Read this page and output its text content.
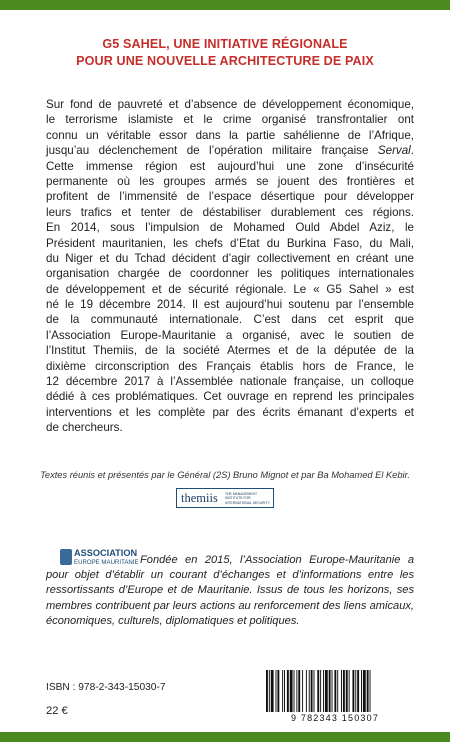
G5 SAHEL, UNE INITIATIVE RÉGIONALE
POUR UNE NOUVELLE ARCHITECTURE DE PAIX
Sur fond de pauvreté et d’absence de développement économique,
le terrorisme islamiste et le crime organisé transfrontalier ont
connu un véritable essor dans la partie sahélienne de l’Afrique,
jusqu’au déclenchement de l’opération militaire française Serval.
Cette immense région est aujourd’hui une zone d’insécurité
permanente où les groupes armés se jouent des frontières et
profitent de l’immensité de l’espace désertique pour développer
leurs trafics et tenter de déstabiliser durablement ces régions.
En 2014, sous l’impulsion de Mohamed Ould Abdel Aziz, le
Président mauritanien, les chefs d’Etat du Burkina Faso, du Mali,
du Niger et du Tchad décident d’agir collectivement en créant une
organisation chargée de coordonner les politiques internationales
de développement et de sécurité régionale. Le « G5 Sahel » est
né le 19 décembre 2014. Il est aujourd’hui soutenu par l’ensemble
de la communauté internationale. C’est dans cet esprit que
l’Association Europe-Mauritanie a organisé, avec le soutien de
l’Institut Themiis, de la société Atermes et de la députée de la
dixième circonscription des Français établis hors de France, le
12 décembre 2017 à l’Assemblée nationale française, un colloque
dédié à ces problématiques. Cet ouvrage en reprend les principales
interventions et les complète par des écrits émanant d’experts et
de chercheurs.
Textes réunis et présentés par le Général (2S) Bruno Mignot et par Ba Mohamed El Kebir.
themiis THE MANAGEMENT INSTITUTE FOR INTERNATIONAL SECURITY
Fondée en 2015, l’Association Europe-Mauritanie a
pour objet d’établir un courant d’échanges et d’informations entre les
ressortissants d’Europe et de Mauritanie. Issus de tous les horizons, ses
membres contribuent par leurs actions au renforcement des liens amicaux,
économiques, culturels, diplomatiques et politiques.
ASSOCIATION
EUROPE MAURITANIE
ISBN : 978-2-343-15030-7
22 €
9 782343 150307
